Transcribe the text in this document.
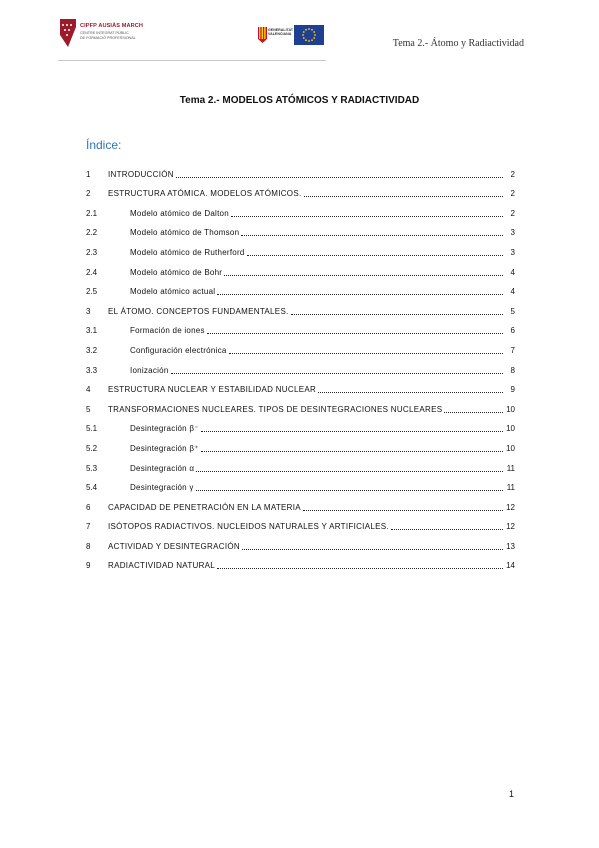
CIPFP AUSIÀS MARCH
CENTRE INTEGRAT PÚBLIC
DE FORMACIÓ PROFESSIONAL
GENERALITAT
VALENCIANA
Tema 2.- Átomo y Radiactividad
Tema 2.- MODELOS ATÓMICOS Y RADIACTIVIDAD
Índice:
1	INTRODUCCIÓN	2
2	ESTRUCTURA ATÓMICA. MODELOS ATÓMICOS.	2
2.1	Modelo atómico de Dalton	2
2.2	Modelo atómico de Thomson	3
2.3	Modelo atómico de Rutherford	3
2.4	Modelo atómico de Bohr	4
2.5	Modelo atómico actual	4
3	EL ÁTOMO. CONCEPTOS FUNDAMENTALES.	5
3.1	Formación de iones	6
3.2	Configuración electrónica	7
3.3	Ionización	8
4	ESTRUCTURA NUCLEAR Y ESTABILIDAD NUCLEAR	9
5	TRANSFORMACIONES NUCLEARES. TIPOS DE DESINTEGRACIONES NUCLEARES	10
5.1	Desintegración β⁻	10
5.2	Desintegración β⁺	10
5.3	Desintegración α	11
5.4	Desintegración γ	11
6	CAPACIDAD DE PENETRACIÓN EN LA MATERIA	12
7	ISÓTOPOS RADIACTIVOS. NUCLEIDOS NATURALES Y ARTIFICIALES.	12
8	ACTIVIDAD Y DESINTEGRACIÓN	13
9	RADIACTIVIDAD NATURAL	14
1
